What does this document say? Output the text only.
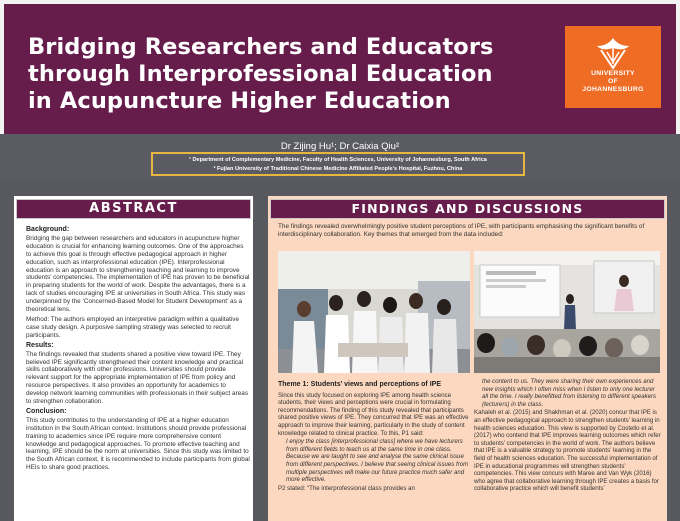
Bridging Researchers and Educators
through Interprofessional Education
in Acupuncture Higher Education
UNIVERSITY
OF
JOHANNESBURG
Dr Zijing Hu¹; Dr Caixia Qiu²
¹ Department of Complementary Medicine, Faculty of Health Sciences, University of Johannesburg, South Africa
² Fujian University of Traditional Chinese Medicine Affiliated People’s Hospital, Fuzhou, China
ABSTRACT
Background:

Bridging the gap between researchers and educators in acupuncture higher education is crucial for enhancing learning outcomes. One of the approaches to achieve this goal is through effective pedagogical approach in higher education, such as interprofessional education (IPE). Interprofessional education is an approach to strengthening teaching and learning to improve students’ competencies. The implementation of IPE has proven to be beneficial in preparing students for the world of work. Despite the advantages, there is a lack of studies encouraging IPE at universities in South Africa. This study was underpinned by the ‘Concerned-Based Model for Student Development’ as a theoretical lens.

Method: The authors employed an interpretive paradigm within a qualitative case study design. A purposive sampling strategy was selected to recruit participants.

Results:

The findings revealed that students shared a positive view toward IPE. They believed IPE significantly strengthened their content knowledge and practical skills collaboratively with other professions. Universities should provide relevant support for the appropriate implementation of IPE from policy and resource perspectives. It also provides an opportunity for academics to develop network learning communities with professionals in their subject areas to strengthen collaboration.

Conclusion:

This study contributes to the understanding of IPE at a higher education institution in the South African context. Institutions should provide professional training to academics since IPE require more comprehensive content knowledge and pedagogical approaches. To promote effective teaching and learning, IPE should be the norm at universities. Since this study was limited to the South African context, it is recommended to include participants from global HEIs to share good practices.

FINDINGS AND DISCUSSIONS
The findings revealed overwhelmingly positive student perceptions of IPE, with participants emphasising the significant benefits of interdisciplinary collaboration. Key themes that emerged from the data included:
Theme 1: Students’ views and perceptions of IPE

Since this study focused on exploring IPE among health science students, their views and perceptions were crucial in formulating recommendations. The finding of this study revealed that participants shared positive views of IPE. They concurred that IPE was an effective approach to improve their learning, particularly in the study of content knowledge related to clinical practice. To this, P1 said:

I enjoy the class [interprofessional class] where we have lecturers from different fields to teach us at the same time in one class. Because we are taught to see and analyse the same clinical issue from different perspectives. I believe that seeing clinical issues from multiple perspectives will make our future practice much safer and more effective.

P2 stated: “The interprofessional class provides an

the content to us. They were sharing their own experiences and new insights which I often miss when I listen to only one lecturer all the time. I really benefitted from listening to different speakers (lecturers) in the class.

Kahaleh et al. (2015) and Shakhman et al. (2020) concur that IPE is an effective pedagogical approach to strengthen students’ learning in health sciences education. This view is supported by Costello et al. (2017) who contend that IPE improves learning outcomes which refer to students’ competencies in the world of work. The authors believe that IPE is a valuable strategy to promote students’ learning in the field of health sciences education. The successful implementation of IPE in educational programmes will strengthen students’ competencies. This view concurs with Maree and Van Wyk (2016) who agree that collaborative learning through IPE creates a basis for collaborative practice which will benefit students’
